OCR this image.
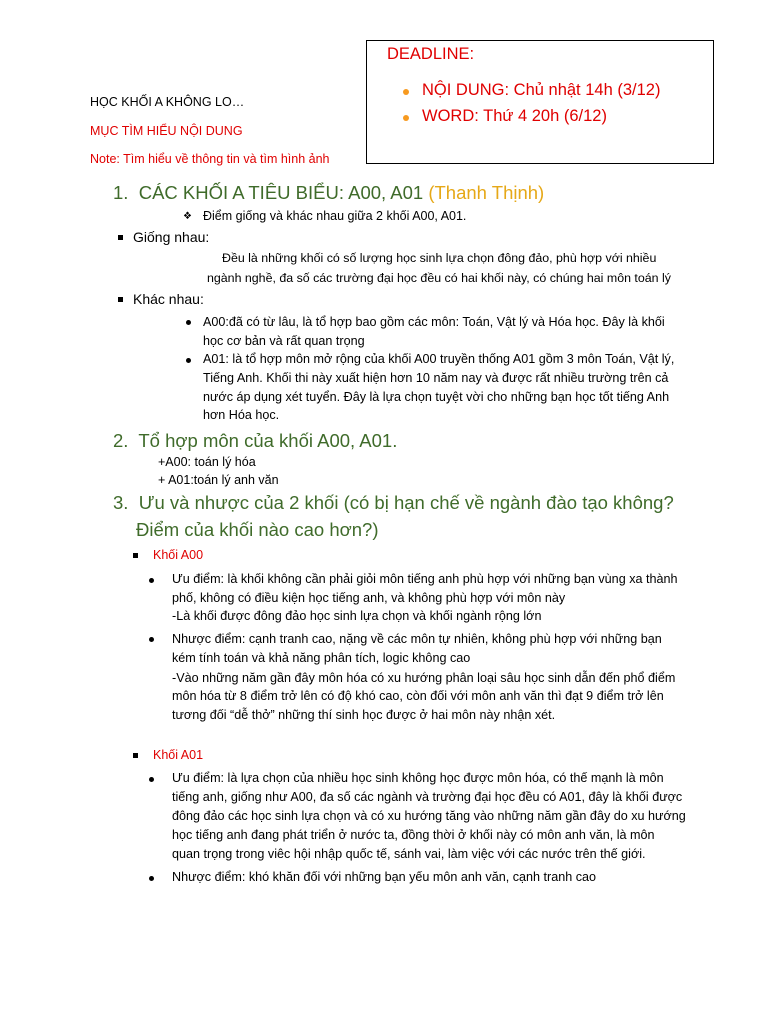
HỌC KHỐI A KHÔNG LO…
MỤC TÌM HIỂU NỘI DUNG
Note: Tìm hiểu về thông tin và tìm hình ảnh
DEADLINE:
NỘI DUNG: Chủ nhật 14h (3/12)
WORD: Thứ 4 20h (6/12)
1.  CÁC KHỐI A TIÊU BIỂU: A00, A01 (Thanh Thịnh)
❖ Điểm giống và khác nhau giữa 2 khối A00, A01.
Giống nhau:
Đều là những khối có số lượng học sinh lựa chọn đông đảo, phù hợp với nhiều
ngành nghề, đa số các trường đại học đều có hai khối này, có chúng hai môn toán lý
Khác nhau:
A00:đã có từ lâu, là tổ hợp bao gồm các môn: Toán, Vật lý và Hóa học. Đây là khối
học cơ bản và rất quan trọng
A01: là tổ hợp môn mở rộng của khối A00 truyền thống A01 gồm 3 môn Toán, Vật lý,
Tiếng Anh. Khối thi này xuất hiện hơn 10 năm nay và được rất nhiều trường trên cả
nước áp dụng xét tuyển. Đây là lựa chọn tuyệt vời cho những bạn học tốt tiếng Anh
hơn Hóa học.
2.  Tổ hợp môn của khối A00, A01.
+A00: toán lý hóa
+ A01:toán lý anh văn
3.  Ưu và nhược của 2 khối (có bị hạn chế về ngành đào tạo không?
Điểm của khối nào cao hơn?)
Khối A00
Ưu điểm: là khối không cần phải giỏi môn tiếng anh phù hợp với những bạn vùng xa thành
phố, không có điều kiện học tiếng anh, và không phù hợp với môn này
-Là khối được đông đảo học sinh lựa chọn và khối ngành rộng lớn
Nhược điểm: cạnh tranh cao, nặng về các môn tự nhiên, không phù hợp với những bạn
kém tính toán và khả năng phân tích, logic không cao
-Vào những năm gần đây môn hóa có xu hướng phân loại sâu học sinh dẫn đến phổ điểm
môn hóa từ 8 điểm trở lên có độ khó cao, còn đối với môn anh văn thì đạt 9 điểm trở lên
tương đối “dễ thở” những thí sinh học được ở hai môn này nhận xét.
Khối A01
Ưu điểm: là lựa chọn của nhiều học sinh không học được môn hóa, có thế mạnh là môn
tiếng anh, giống như A00, đa số các ngành và trường đại học đều có A01, đây là khối được
đông đảo các học sinh lựa chọn và có xu hướng tăng vào những năm gần đây do xu hướng
học tiếng anh đang phát triển ở nước ta, đồng thời ở khối này có môn anh văn, là môn
quan trọng trong viêc hội nhập quốc tế, sánh vai, làm việc với các nước trên thế giới.
Nhược điểm: khó khăn đối với những bạn yếu môn anh văn, cạnh tranh cao
